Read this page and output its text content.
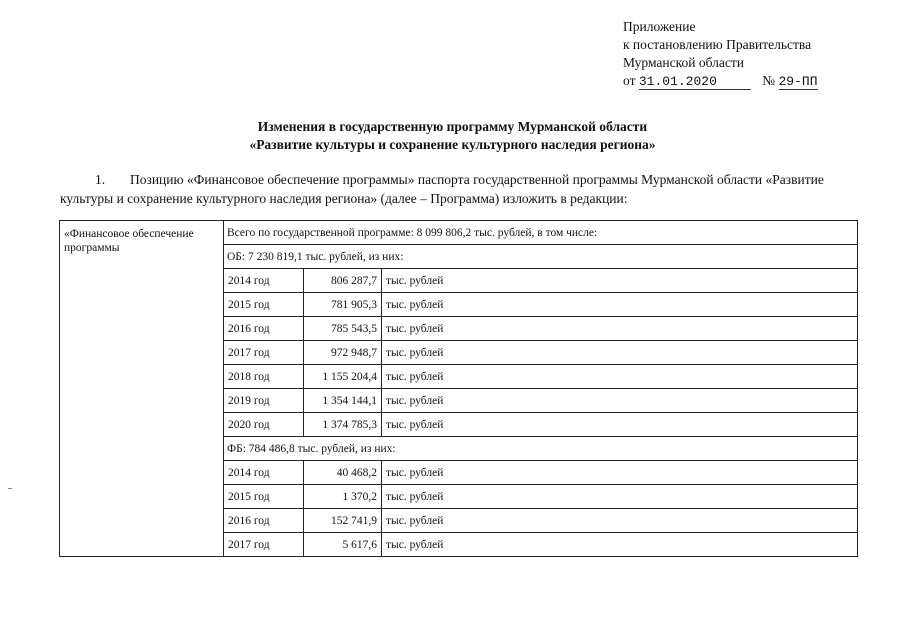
Приложение
к постановлению Правительства
Мурманской области
от 31.01.2020	№ 29-ПП
Изменения в государственную программу Мурманской области
«Развитие культуры и сохранение культурного наследия региона»
1. Позицию «Финансовое обеспечение программы» паспорта государственной программы Мурманской области «Развитие культуры и сохранение культурного наследия региона» (далее – Программа) изложить в редакции:
«Финансовое обеспечение программы	Всего по государственной программе: 8 099 806,2 тыс. рублей, в том числе:		
	ОБ: 7 230 819,1 тыс. рублей, из них:		
	2014 год	806 287,7	тыс. рублей
	2015 год	781 905,3	тыс. рублей
	2016 год	785 543,5	тыс. рублей
	2017 год	972 948,7	тыс. рублей
	2018 год	1 155 204,4	тыс. рублей
	2019 год	1 354 144,1	тыс. рублей
	2020 год	1 374 785,3	тыс. рублей
	ФБ: 784 486,8 тыс. рублей, из них:		
	2014 год	40 468,2	тыс. рублей
	2015 год	1 370,2	тыс. рублей
	2016 год	152 741,9	тыс. рублей
	2017 год	5 617,6	тыс. рублей
